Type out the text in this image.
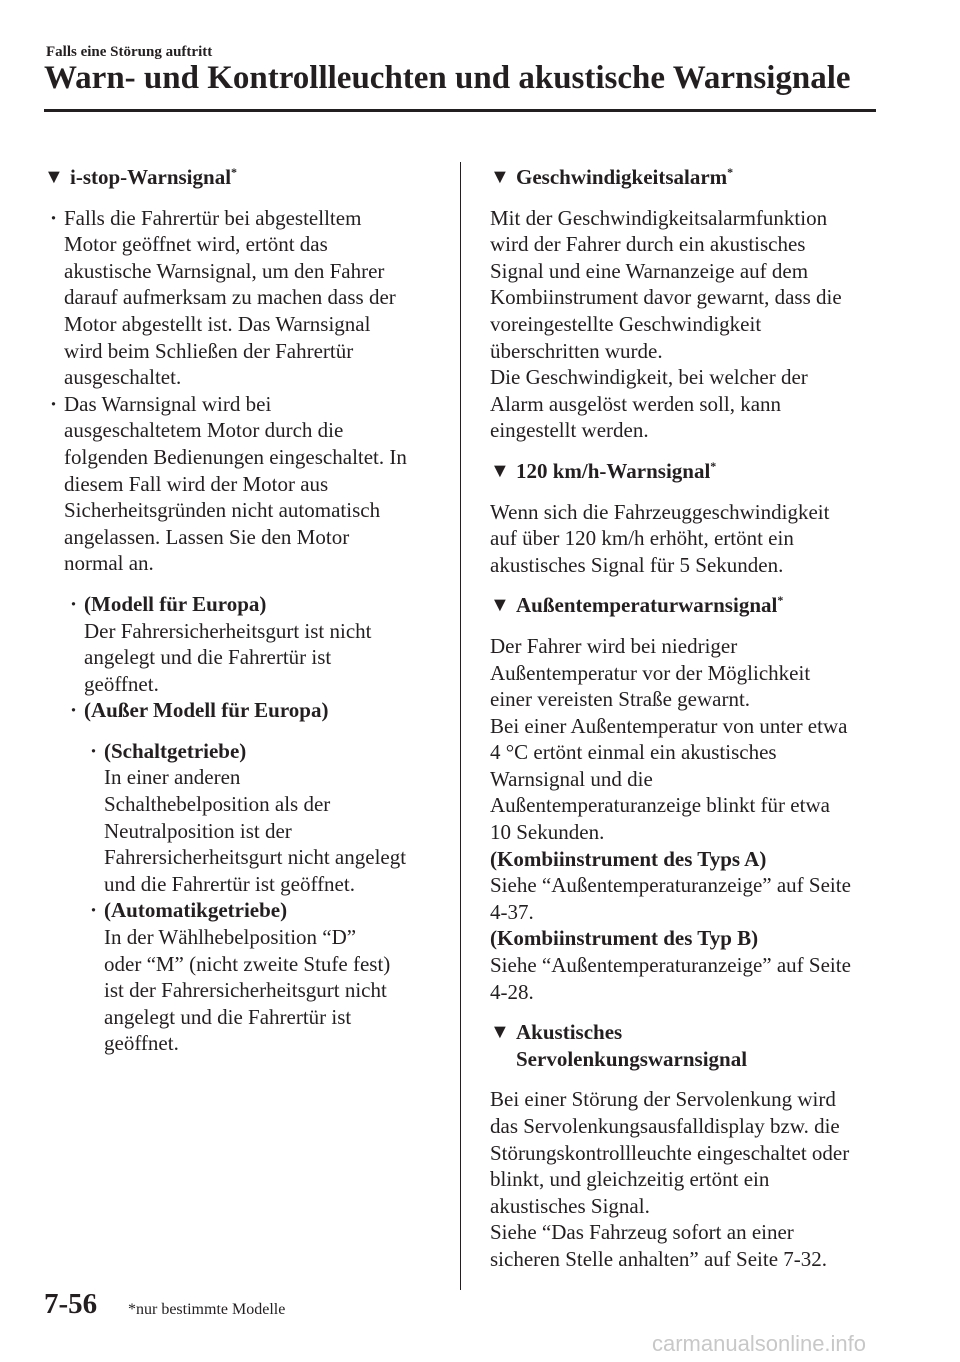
Falls eine Störung auftritt
Warn- und Kontrollleuchten und akustische Warnsignale
▼ i-stop-Warnsignal*
· Falls die Fahrertür bei abgestelltem
Motor geöffnet wird, ertönt das
akustische Warnsignal, um den Fahrer
darauf aufmerksam zu machen dass der
Motor abgestellt ist. Das Warnsignal
wird beim Schließen der Fahrertür
ausgeschaltet.
· Das Warnsignal wird bei
ausgeschaltetem Motor durch die
folgenden Bedienungen eingeschaltet. In
diesem Fall wird der Motor aus
Sicherheitsgründen nicht automatisch
angelassen. Lassen Sie den Motor
normal an.
· (Modell für Europa)
Der Fahrersicherheitsgurt ist nicht
angelegt und die Fahrertür ist
geöffnet.
· (Außer Modell für Europa)
· (Schaltgetriebe)
In einer anderen
Schalthebelposition als der
Neutralposition ist der
Fahrersicherheitsgurt nicht angelegt
und die Fahrertür ist geöffnet.
· (Automatikgetriebe)
In der Wählhebelposition “D”
oder “M” (nicht zweite Stufe fest)
ist der Fahrersicherheitsgurt nicht
angelegt und die Fahrertür ist
geöffnet.
▼ Geschwindigkeitsalarm*
Mit der Geschwindigkeitsalarmfunktion
wird der Fahrer durch ein akustisches
Signal und eine Warnanzeige auf dem
Kombiinstrument davor gewarnt, dass die
voreingestellte Geschwindigkeit
überschritten wurde.
Die Geschwindigkeit, bei welcher der
Alarm ausgelöst werden soll, kann
eingestellt werden.
▼ 120 km/h-Warnsignal*
Wenn sich die Fahrzeuggeschwindigkeit
auf über 120 km/h erhöht, ertönt ein
akustisches Signal für 5 Sekunden.
▼ Außentemperaturwarnsignal*
Der Fahrer wird bei niedriger
Außentemperatur vor der Möglichkeit
einer vereisten Straße gewarnt.
Bei einer Außentemperatur von unter etwa
4 °C ertönt einmal ein akustisches
Warnsignal und die
Außentemperaturanzeige blinkt für etwa
10 Sekunden.
(Kombiinstrument des Typs A)
Siehe “Außentemperaturanzeige” auf Seite
4-37.
(Kombiinstrument des Typ B)
Siehe “Außentemperaturanzeige” auf Seite
4-28.
▼ Akustisches
Servolenkungswarnsignal
Bei einer Störung der Servolenkung wird
das Servolenkungsausfalldisplay bzw. die
Störungskontrollleuchte eingeschaltet oder
blinkt, und gleichzeitig ertönt ein
akustisches Signal.
Siehe “Das Fahrzeug sofort an einer
sicheren Stelle anhalten” auf Seite 7-32.
7-56 *nur bestimmte Modelle
carmanualsonline.info
